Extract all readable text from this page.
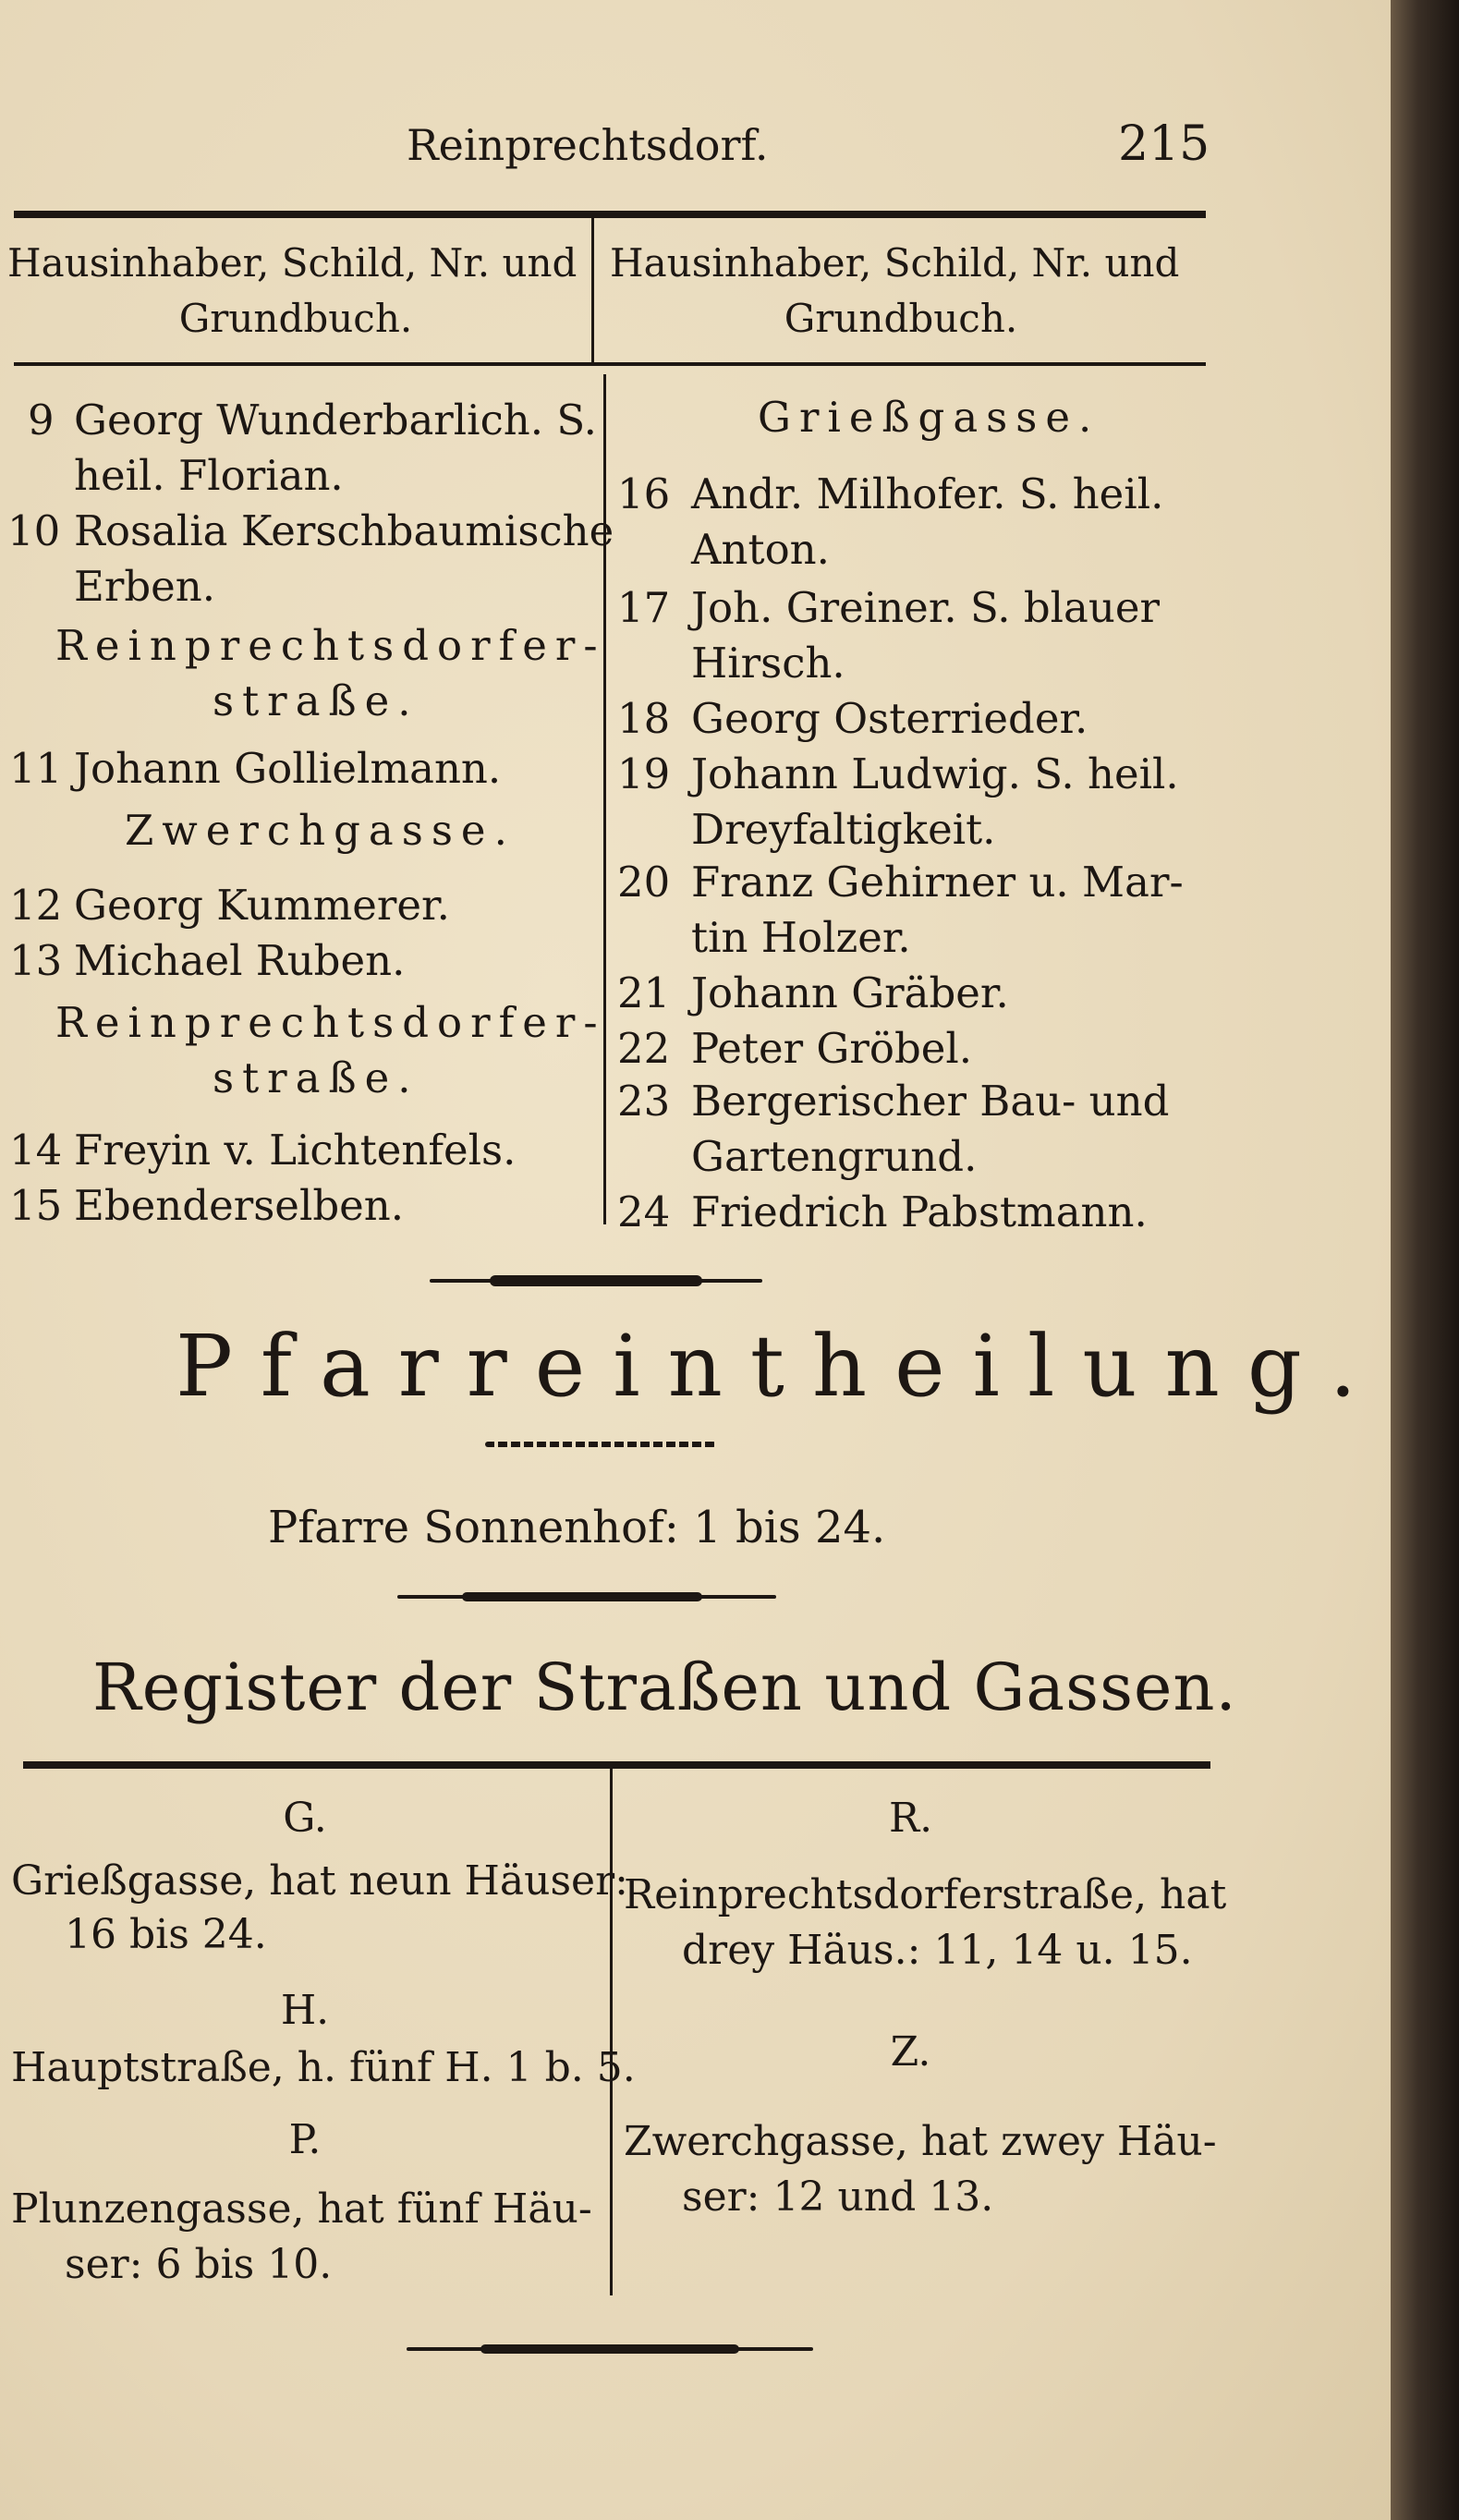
Reinprechtsdorf.	215
Hausinhaber, Schild, Nr. und
Grundbuch.
Hausinhaber, Schild, Nr. und
Grundbuch.
9 Georg Wunderbarlich. S.
heil. Florian.
10 Rosalia Kerschbaumische
Erben.
Reinprechtsdorfer-
straße.
11 Johann Gollielmann.
Zwerchgasse.
12 Georg Kummerer.
13 Michael Ruben.
Reinprechtsdorfer-
straße.
14 Freyin v. Lichtenfels.
15 Ebenderselben.
Grießgasse.
16 Andr. Milhofer. S. heil.
Anton.
17 Joh. Greiner. S. blauer
Hirsch.
18 Georg Osterrieder.
19 Johann Ludwig. S. heil.
Dreyfaltigkeit.
20 Franz Gehirner u. Mar-
tin Holzer.
21 Johann Gräber.
22 Peter Gröbel.
23 Bergerischer Bau- und
Gartengrund.
24 Friedrich Pabstmann.
Pfarreintheilung.
Pfarre Sonnenhof: 1 bis 24.
Register der Straßen und Gassen.
G.
Grießgasse, hat neun Häuser:
16 bis 24.
H.
Hauptstraße, h. fünf H. 1 b. 5.
P.
Plunzengasse, hat fünf Häu-
ser: 6 bis 10.
R.
Reinprechtsdorferstraße, hat
drey Häus.: 11, 14 u. 15.
Z.
Zwerchgasse, hat zwey Häu-
ser: 12 und 13.
